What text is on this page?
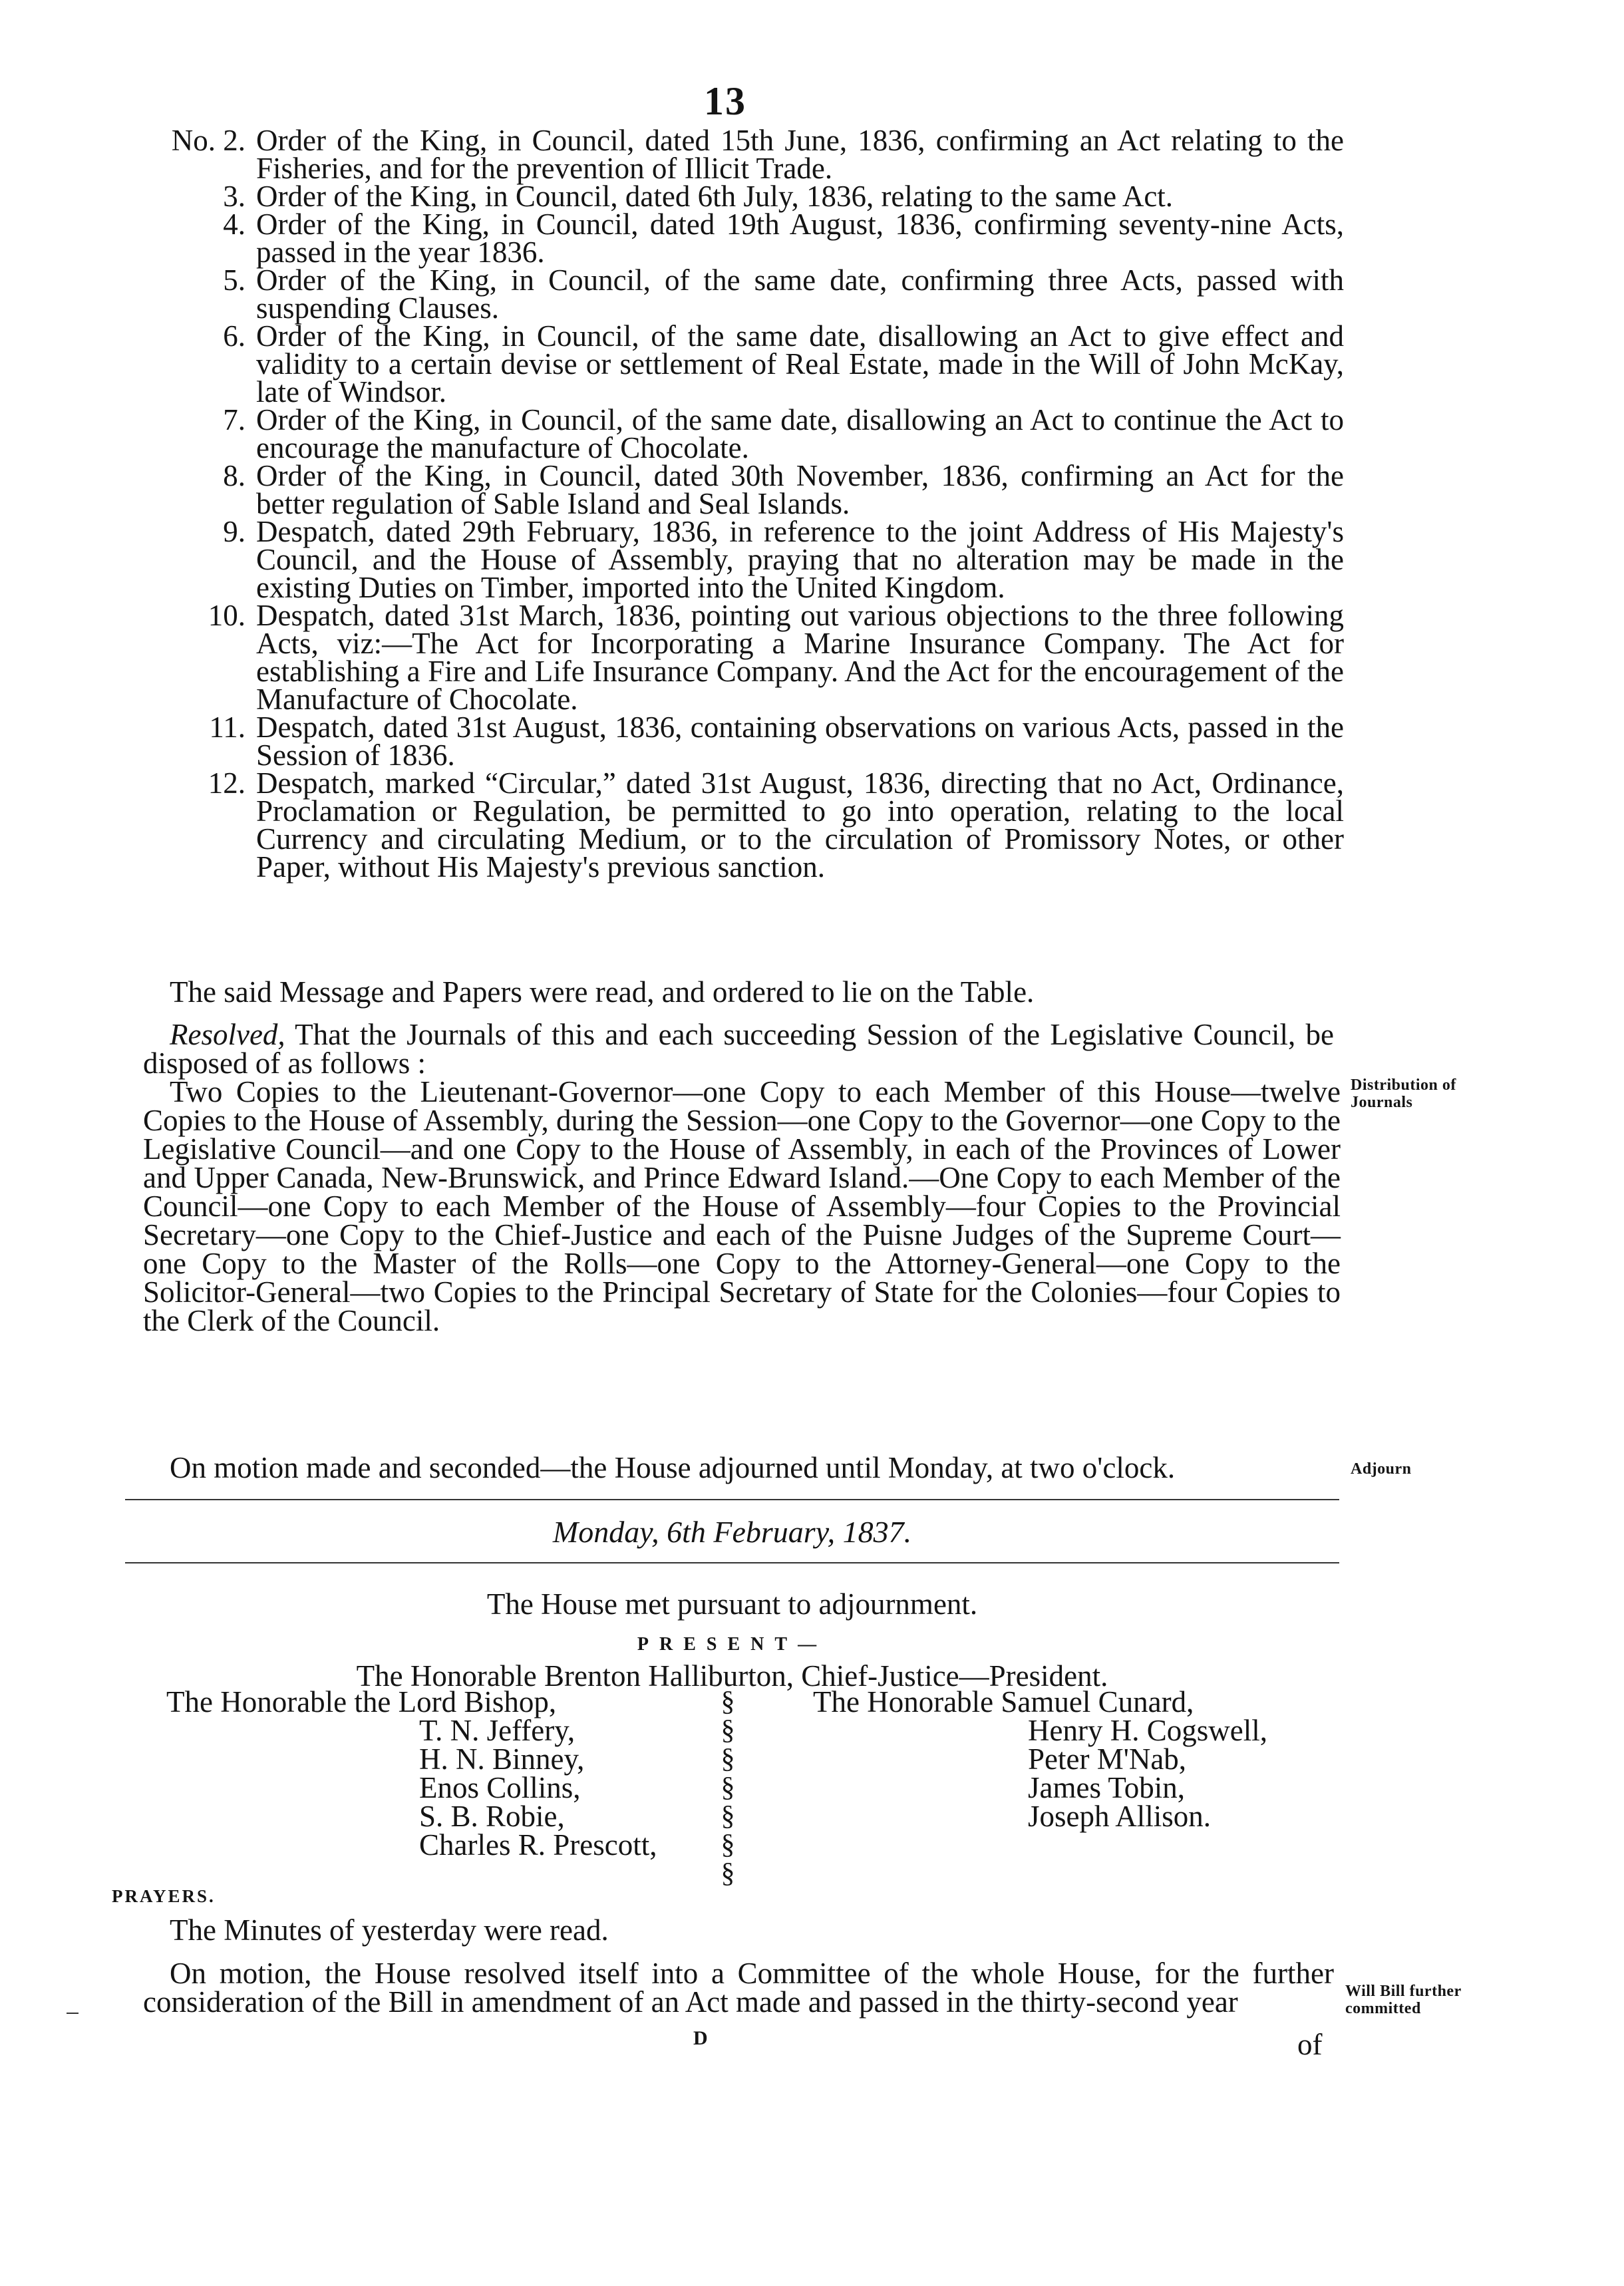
13
No. 2. Order of the King, in Council, dated 15th June, 1836, confirming an Act relating to the Fisheries, and for the prevention of Illicit Trade.
3. Order of the King, in Council, dated 6th July, 1836, relating to the same Act.
4. Order of the King, in Council, dated 19th August, 1836, confirming seventy-nine Acts, passed in the year 1836.
5. Order of the King, in Council, of the same date, confirming three Acts, passed with suspending Clauses.
6. Order of the King, in Council, of the same date, disallowing an Act to give effect and validity to a certain devise or settlement of Real Estate, made in the Will of John McKay, late of Windsor.
7. Order of the King, in Council, of the same date, disallowing an Act to continue the Act to encourage the manufacture of Chocolate.
8. Order of the King, in Council, dated 30th November, 1836, confirming an Act for the better regulation of Sable Island and Seal Islands.
9. Despatch, dated 29th February, 1836, in reference to the joint Address of His Majesty's Council, and the House of Assembly, praying that no alteration may be made in the existing Duties on Timber, imported into the United Kingdom.
10. Despatch, dated 31st March, 1836, pointing out various objections to the three following Acts, viz:—The Act for Incorporating a Marine Insurance Company. The Act for establishing a Fire and Life Insurance Company. And the Act for the encouragement of the Manufacture of Chocolate.
11. Despatch, dated 31st August, 1836, containing observations on various Acts, passed in the Session of 1836.
12. Despatch, marked “Circular,” dated 31st August, 1836, directing that no Act, Ordinance, Proclamation or Regulation, be permitted to go into operation, relating to the local Currency and circulating Medium, or to the circulation of Promissory Notes, or other Paper, without His Majesty's previous sanction.
The said Message and Papers were read, and ordered to lie on the Table.
Resolved, That the Journals of this and each succeeding Session of the Legislative Council, be disposed of as follows :
Two Copies to the Lieutenant-Governor—one Copy to each Member of this House—twelve Copies to the House of Assembly, during the Session—one Copy to the Governor—one Copy to the Legislative Council—and one Copy to the House of Assembly, in each of the Provinces of Lower and Upper Canada, New-Brunswick, and Prince Edward Island.—One Copy to each Member of the Council—one Copy to each Member of the House of Assembly—four Copies to the Provincial Secretary—one Copy to the Chief-Justice and each of the Puisne Judges of the Supreme Court—one Copy to the Master of the Rolls—one Copy to the Attorney-General—one Copy to the Solicitor-General—two Copies to the Principal Secretary of State for the Colonies—four Copies to the Clerk of the Council.
On motion made and seconded—the House adjourned until Monday, at two o'clock.
Distribution of Journals
Adjourn
Will Bill further committed
Monday, 6th February, 1837.
The House met pursuant to adjournment.
PRESENT—
The Honorable Brenton Halliburton, Chief-Justice—President.
The Honorable the Lord Bishop,
T. N. Jeffery,
H. N. Binney,
Enos Collins,
S. B. Robie,
Charles R. Prescott,
§
§
§
§
§
§
§
The Honorable Samuel Cunard,
Henry H. Cogswell,
Peter M'Nab,
James Tobin,
Joseph Allison.
PRAYERS.
The Minutes of yesterday were read.
On motion, the House resolved itself into a Committee of the whole House, for the further consideration of the Bill in amendment of an Act made and passed in the thirty-second year
D	of
